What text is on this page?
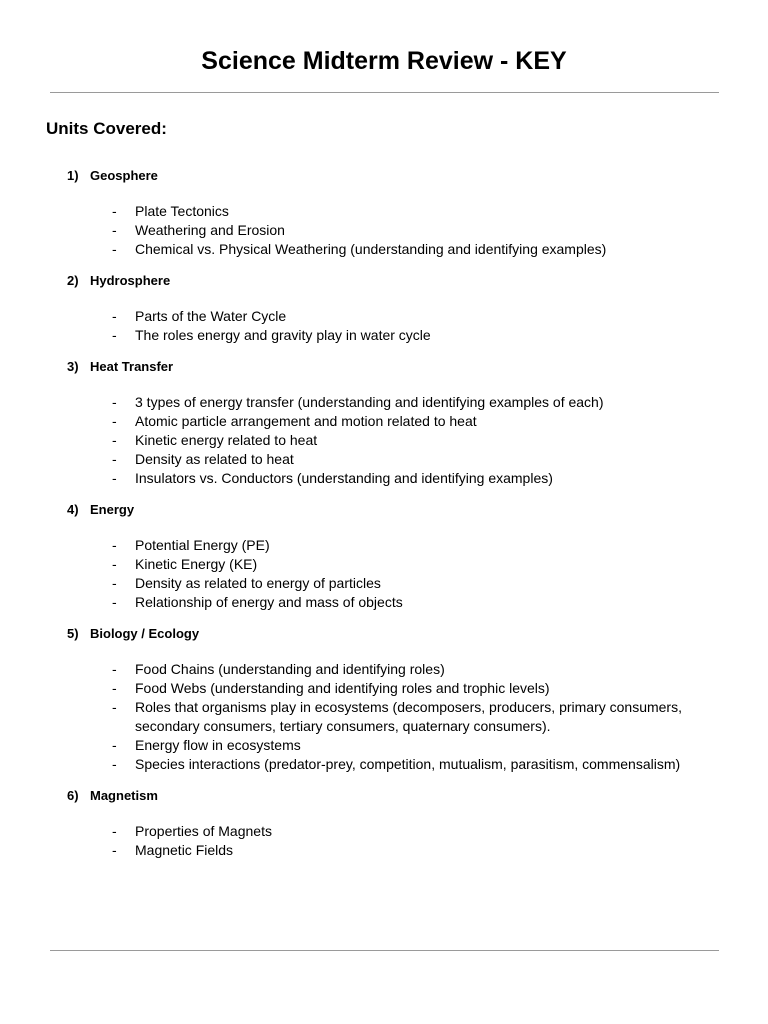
Science Midterm Review - KEY
Units Covered:
1) Geosphere
- Plate Tectonics
- Weathering and Erosion
- Chemical vs. Physical Weathering (understanding and identifying examples)
2) Hydrosphere
- Parts of the Water Cycle
- The roles energy and gravity play in water cycle
3) Heat Transfer
- 3 types of energy transfer (understanding and identifying examples of each)
- Atomic particle arrangement and motion related to heat
- Kinetic energy related to heat
- Density as related to heat
- Insulators vs. Conductors (understanding and identifying examples)
4) Energy
- Potential Energy (PE)
- Kinetic Energy (KE)
- Density as related to energy of particles
- Relationship of energy and mass of objects
5) Biology / Ecology
- Food Chains (understanding and identifying roles)
- Food Webs (understanding and identifying roles and trophic levels)
- Roles that organisms play in ecosystems (decomposers, producers, primary consumers, secondary consumers, tertiary consumers, quaternary consumers).
- Energy flow in ecosystems
- Species interactions (predator-prey, competition, mutualism, parasitism, commensalism)
6) Magnetism
- Properties of Magnets
- Magnetic Fields
